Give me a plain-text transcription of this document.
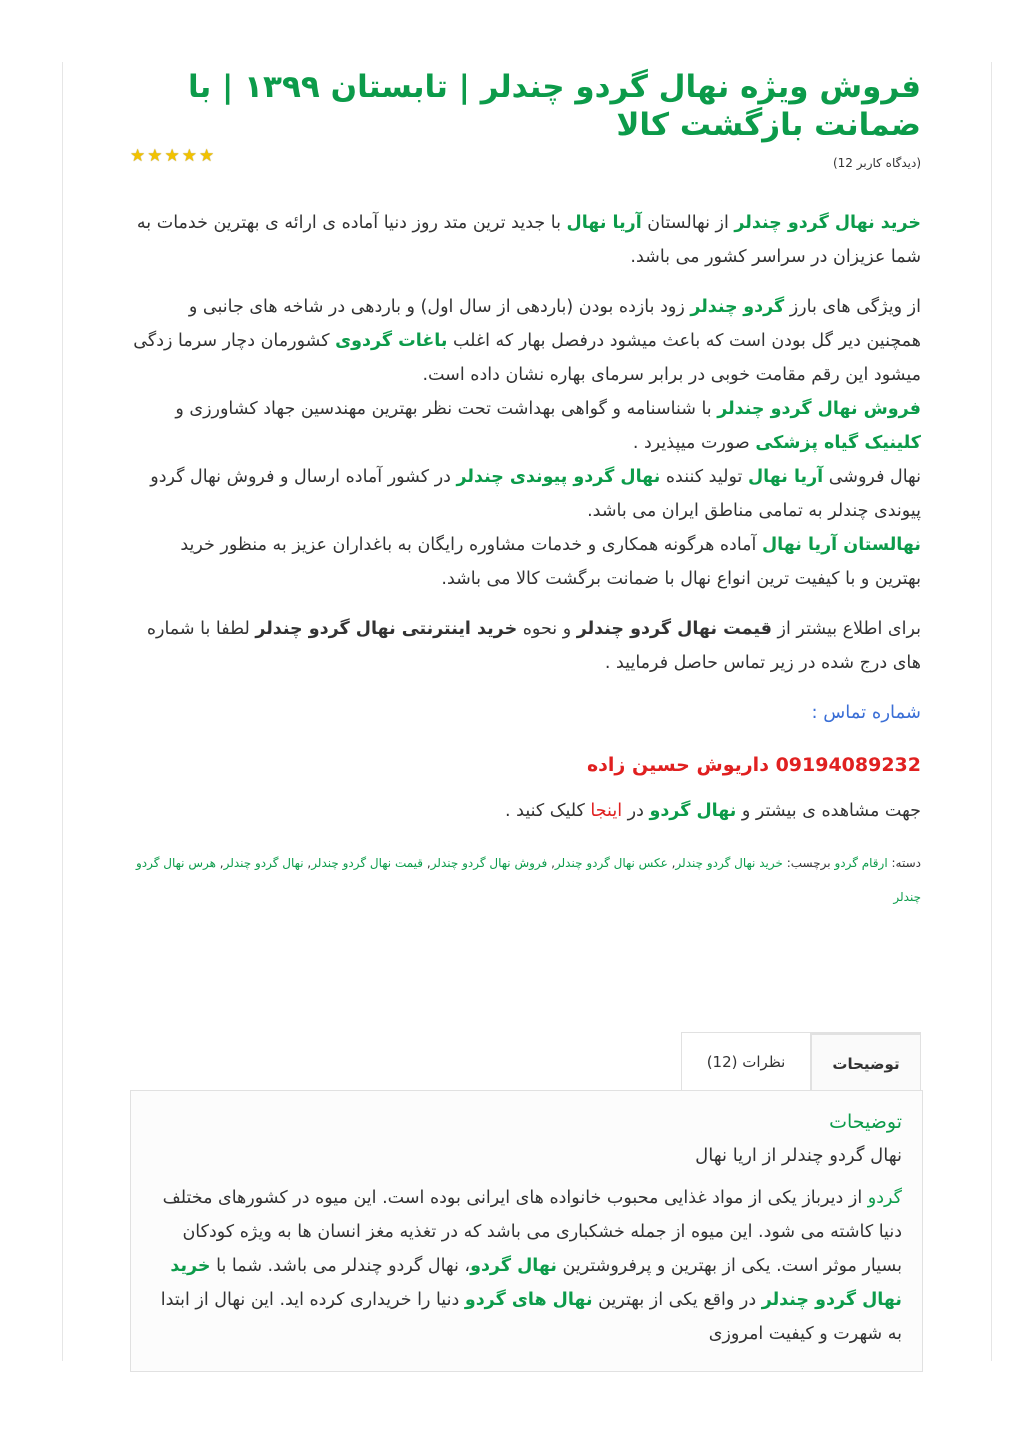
فروش ویژه نهال گردو چندلر | تابستان ۱۳۹۹ | با ضمانت بازگشت کالا
★ ★ ★ ★ ★	(دیدگاه کاربر 12)

خرید نهال گردو چندلر از نهالستان آریا نهال با جدید ترین متد روز دنیا آماده ی ارائه ی بهترین خدمات به شما عزیزان در سراسر کشور می باشد.

از ویژگی های بارز گردو چندلر زود بازده بودن (باردهی از سال اول) و باردهی در شاخه های جانبی و همچنین دیر گل بودن است که باعث میشود درفصل بهار که اغلب باغات گردوی کشورمان دچار سرما زدگی میشود این رقم مقامت خوبی در برابر سرمای بهاره نشان داده است.

فروش نهال گردو چندلر با شناسنامه و گواهی بهداشت تحت نظر بهترین مهندسین جهاد کشاورزی و کلینیک گیاه پزشکی صورت میپذیرد .

نهال فروشی آریا نهال تولید کننده نهال گردو پیوندی چندلر در کشور آماده ارسال و فروش نهال گردو پیوندی چندلر به تمامی مناطق ایران می باشد.

نهالستان آریا نهال آماده هرگونه همکاری و خدمات مشاوره رایگان به باغداران عزیز به منظور خرید بهترین و با کیفیت ترین انواع نهال با ضمانت برگشت کالا می باشد.

برای اطلاع بیشتر از قیمت نهال گردو چندلر و نحوه خرید اینترنتی نهال گردو چندلر لطفا با شماره های درج شده در زیر تماس حاصل فرمایید .

شماره تماس :

09194089232 داریوش حسین زاده

جهت مشاهده ی بیشتر و نهال گردو در اینجا کلیک کنید .

دسته: ارقام گردو برچسب: خرید نهال گردو چندلر, عکس نهال گردو چندلر, فروش نهال گردو چندلر, قیمت نهال گردو چندلر, نهال گردو چندلر, هرس نهال گردو چندلر
توضیحات
نظرات (12)
توضیحات
نهال گردو چندلر از اریا نهال

گردو از دیرباز یکی از مواد غذایی محبوب خانواده های ایرانی بوده است. این میوه در کشورهای مختلف دنیا کاشته می شود. این میوه از جمله خشکباری می باشد که در تغذیه مغز انسان ها به ویژه کودکان بسیار موثر است. یکی از بهترین و پرفروشترین نهال گردو، نهال گردو چندلر می باشد. شما با خرید نهال گردو چندلر در واقع یکی از بهترین نهال های گردو دنیا را خریداری کرده اید. این نهال از ابتدا به شهرت و کیفیت امروزی
